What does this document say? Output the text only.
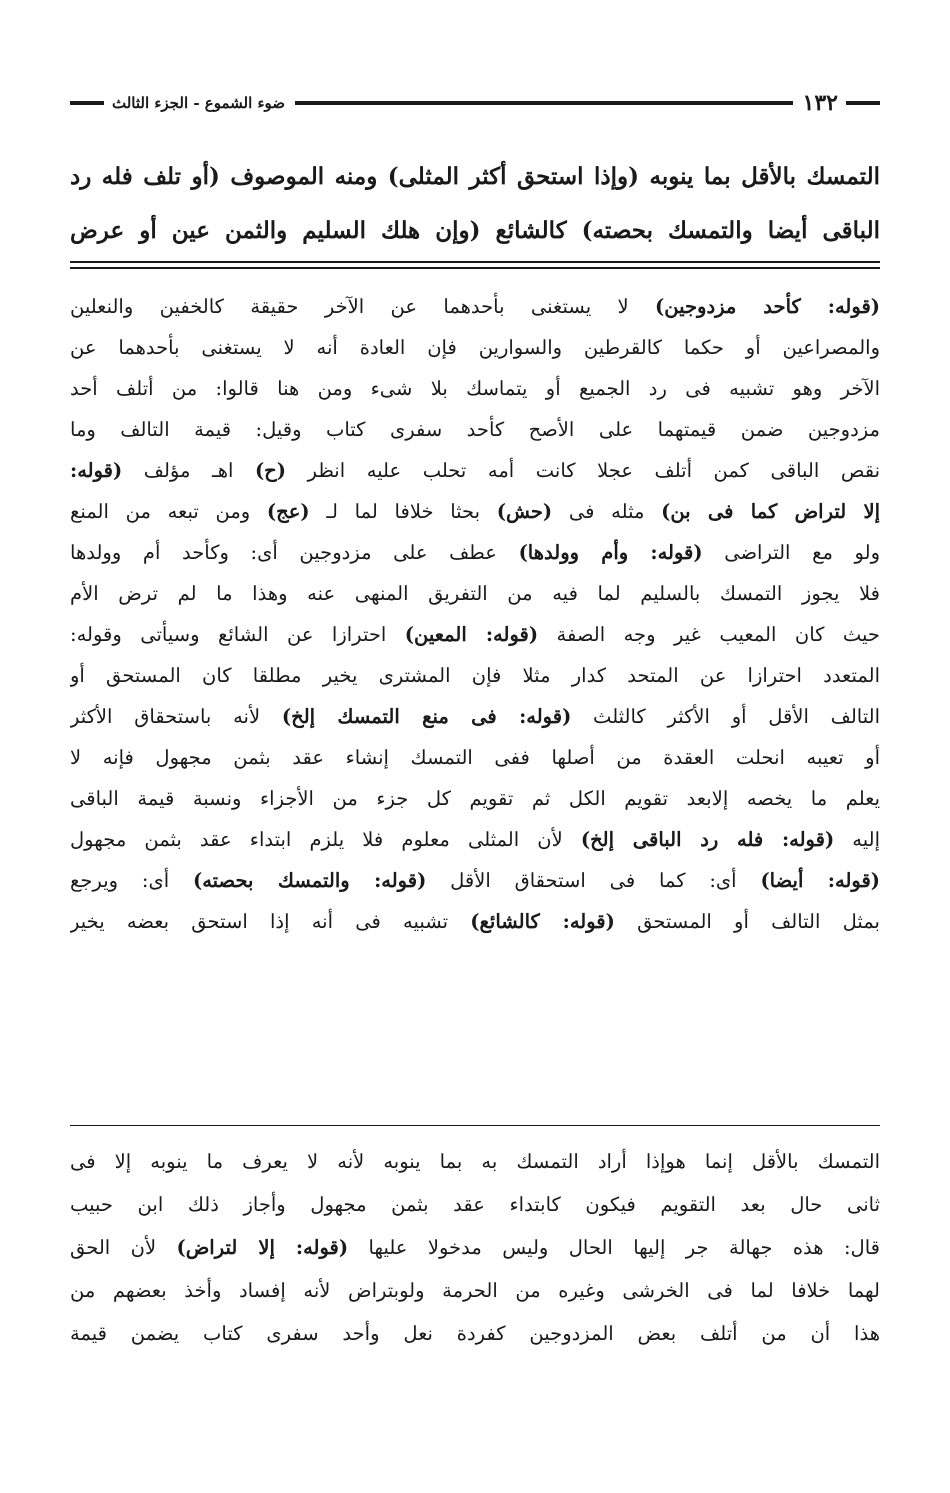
١٣٢
ضوء الشموع - الجزء الثالث
التمسك بالأقل بما ينوبه (وإذا استحق أكثر المثلى) ومنه الموصوف (أو تلف فله رد
الباقى أيضا والتمسك بحصته) كالشائع (وإن هلك السليم والثمن عين أو عرض
(قوله: كأحد مزدوجين) لا يستغنى بأحدهما عن الآخر حقيقة كالخفين والنعلين
والمصراعين أو حكما كالقرطين والسوارين فإن العادة أنه لا يستغنى بأحدهما عن
الآخر وهو تشبيه فى رد الجميع أو يتماسك بلا شىء ومن هنا قالوا: من أتلف أحد
مزدوجين ضمن قيمتهما على الأصح كأحد سفرى كتاب وقيل: قيمة التالف وما
نقص الباقى كمن أتلف عجلا كانت أمه تحلب عليه انظر (ح) اهـ مؤلف (قوله:
إلا لتراض كما فى بن) مثله فى (حش) بحثا خلافا لما لـ (عج) ومن تبعه من المنع
ولو مع التراضى (قوله: وأم وولدها) عطف على مزدوجين أى: وكأحد أم وولدها
فلا يجوز التمسك بالسليم لما فيه من التفريق المنهى عنه وهذا ما لم ترض الأم
حيث كان المعيب غير وجه الصفة (قوله: المعين) احترازا عن الشائع وسيأتى وقوله:
المتعدد احترازا عن المتحد كدار مثلا فإن المشترى يخير مطلقا كان المستحق أو
التالف الأقل أو الأكثر كالثلث (قوله: فى منع التمسك إلخ) لأنه باستحقاق الأكثر
أو تعيبه انحلت العقدة من أصلها ففى التمسك إنشاء عقد بثمن مجهول فإنه لا
يعلم ما يخصه إلابعد تقويم الكل ثم تقويم كل جزء من الأجزاء ونسبة قيمة الباقى
إليه (قوله: فله رد الباقى إلخ) لأن المثلى معلوم فلا يلزم ابتداء عقد بثمن مجهول
(قوله: أيضا) أى: كما فى استحقاق الأقل (قوله: والتمسك بحصته) أى: ويرجع
بمثل التالف أو المستحق (قوله: كالشائع) تشبيه فى أنه إذا استحق بعضه يخير
التمسك بالأقل إنما هوإذا أراد التمسك به بما ينوبه لأنه لا يعرف ما ينوبه إلا فى
ثانى حال بعد التقويم فيكون كابتداء عقد بثمن مجهول وأجاز ذلك ابن حبيب
قال: هذه جهالة جر إليها الحال وليس مدخولا عليها (قوله: إلا لتراض) لأن الحق
لهما خلافا لما فى الخرشى وغيره من الحرمة ولوبتراض لأنه إفساد وأخذ بعضهم من
هذا أن من أتلف بعض المزدوجين كفردة نعل وأحد سفرى كتاب يضمن قيمة
